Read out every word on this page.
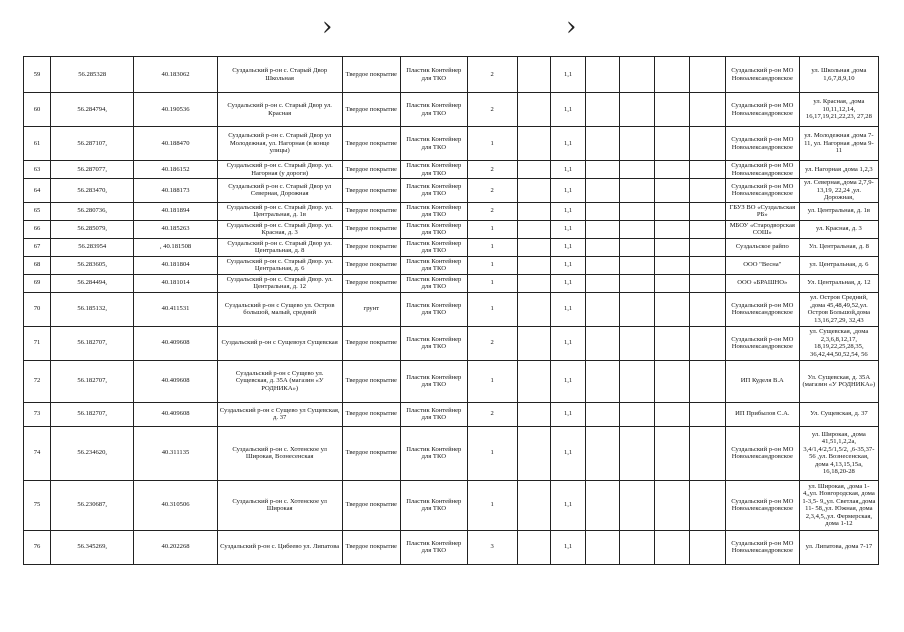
›	›
59	56.285328	40.183062	Суздальский р-он с. Старый Двор Школьная	Твердое покрытие	Пластик Контейнер для ТКО	2		1,1					Суздальский р-он МО Новоалександровское	ул. Школьная ,дома 1,6,7,8,9,10
60	56.284794,	40.190536	Суздальский р-он с. Старый Двор ул. Красная	Твердое покрытие	Пластик Контейнер для ТКО	2		1,1					Суздальский р-он МО Новоалександровское	ул. Красная, ,дома 10,11,12,14, 16,17,19,21,22,23, 27,28
61	56.287107,	40.188470	Суздальский р-он с. Старый Двор ул Молодежная, ул. Нагорная (в конце улицы)	Твердое покрытие	Пластик Контейнер для ТКО	1		1,1					Суздальский р-он МО Новоалександровское	ул. Молодежная ,дома 7-11, ул. Нагорная ,дома 9-11
63	56.287077,	40.186152	Суздальский р-он с. Старый Двор. ул. Нагорная (у дороги)	Твердое покрытие	Пластик Контейнер для ТКО	2		1,1					Суздальский р-он МО Новоалександровское	ул. Нагорная ,дома 1,2,3
64	56.283470,	40.188173	Суздальский р-он с. Старый Двор ул Северная, Дорожная	Твердое покрытие	Пластик Контейнер для ТКО	2		1,1					Суздальский р-он МО Новоалександровское	ул. Северная,,дома 2,7,9- 13,19, 22,24 ,ул. Дорожная,
65	56.280736,	40.181894	Суздальский р-он с. Старый Двор. ул. Центральная, д. 1в	Твердое покрытие	Пластик Контейнер для ТКО	2		1,1					ГБУЗ ВО «Суздальская РБ»	ул. Центральная, д. 1в
66	56.285079,	40.185263	Суздальский р-он с. Старый Двор. ул. Красная, д. 3	Твердое покрытие	Пластик Контейнер для ТКО	1		1,1					МБОУ «Стародворская СОШ»	ул. Красная, д. 3
67	56.283954	, 40.181508	Суздальский р-он с. Старый Двор ул. Центральная, д. 8	Твердое покрытие	Пластик Контейнер для ТКО	1		1,1					Суздальское райпо	Ул. Центральная, д. 8
68	56.283605,	40.181804	Суздальский р-он с. Старый Двор. ул. Центральная, д. 6	Твердое покрытие	Пластик Контейнер для ТКО	1		1,1					ООО "Весна"	ул. Центральная, д. 6
69	56.284494,	40.181014	Суздальский р-он с. Старый Двор. ул. Центральная, д. 12	Твердое покрытие	Пластик Контейнер для ТКО	1		1,1					ООО «БРАШНО»	Ул. Центральная, д. 12
70	56.185132,	40.411531	Суздальский р-он с Сущево ул. Остров большой, малый, средний	грунт	Пластик Контейнер для ТКО	1		1,1					Суздальский р-он МО Новоалександровское	ул. Остров Средний, ,дома 45,48,49,52,ул. Остров Большой,дома 13,16,27,29, 32,43
71	56.182707,	40.409608	Суздальский р-он с Сущевоул Сущевская	Твердое покрытие	Пластик Контейнер для ТКО	2		1,1					Суздальский р-он МО Новоалександровское	ул. Сущевская, ,дома 2,3,6,8,12,17, 18,19,22,25,28,35, 36,42,44,50,52,54, 56
72	56.182707,	40.409608	Суздальский р-он с Сущево ул. Сущевская, д. 35А (магазин «У РОДНИКА»)	Твердое покрытие	Пластик Контейнер для ТКО	1		1,1					ИП Куделя В.А	Ул. Сущевская, д. 35А (магазин «У РОДНИКА»)
73	56.182707,	40.409608	Суздальский р-он с Сущево ул Сущевская, д. 37	Твердое покрытие	Пластик Контейнер для ТКО	2		1,1					ИП Прибылов С.А.	Ул. Сущевская, д. 37
74	56.234620,	40.311135	Суздальский р-он с. Хотенское ул Широкая, Вознесенская	Твердое покрытие	Пластик Контейнер для ТКО	1		1,1					Суздальский р-он МО Новоалександровское	ул. Широкая, ,дома 41,51,1,2,2a, 3,4/1,4/2,5/1,5/2, ,6-35,37-56 ,ул. Вознесенская, дома 4,13,15,15a, 16,18,20-28
75	56.230687,	40.310506	Суздальский р-он с. Хотенское ул Широкая	Твердое покрытие	Пластик Контейнер для ТКО	1		1,1					Суздальский р-он МО Новоалександровское	ул. Широкая, ,дома 1-4,,ул. Новгородская, дома 1-3,5- 9,,ул. Светлая,,дома 11- 58,,ул. Южная, дома 2,3,4,5,,ул. Фермерская, дома 1-12
76	56.345269,	40.202268	Суздальский р-он с. Цибеево ул. Липатова	Твердое покрытие	Пластик Контейнер для ТКО	3		1,1					Суздальский р-он МО Новоалександровское	ул. Липатова, дома 7-17
